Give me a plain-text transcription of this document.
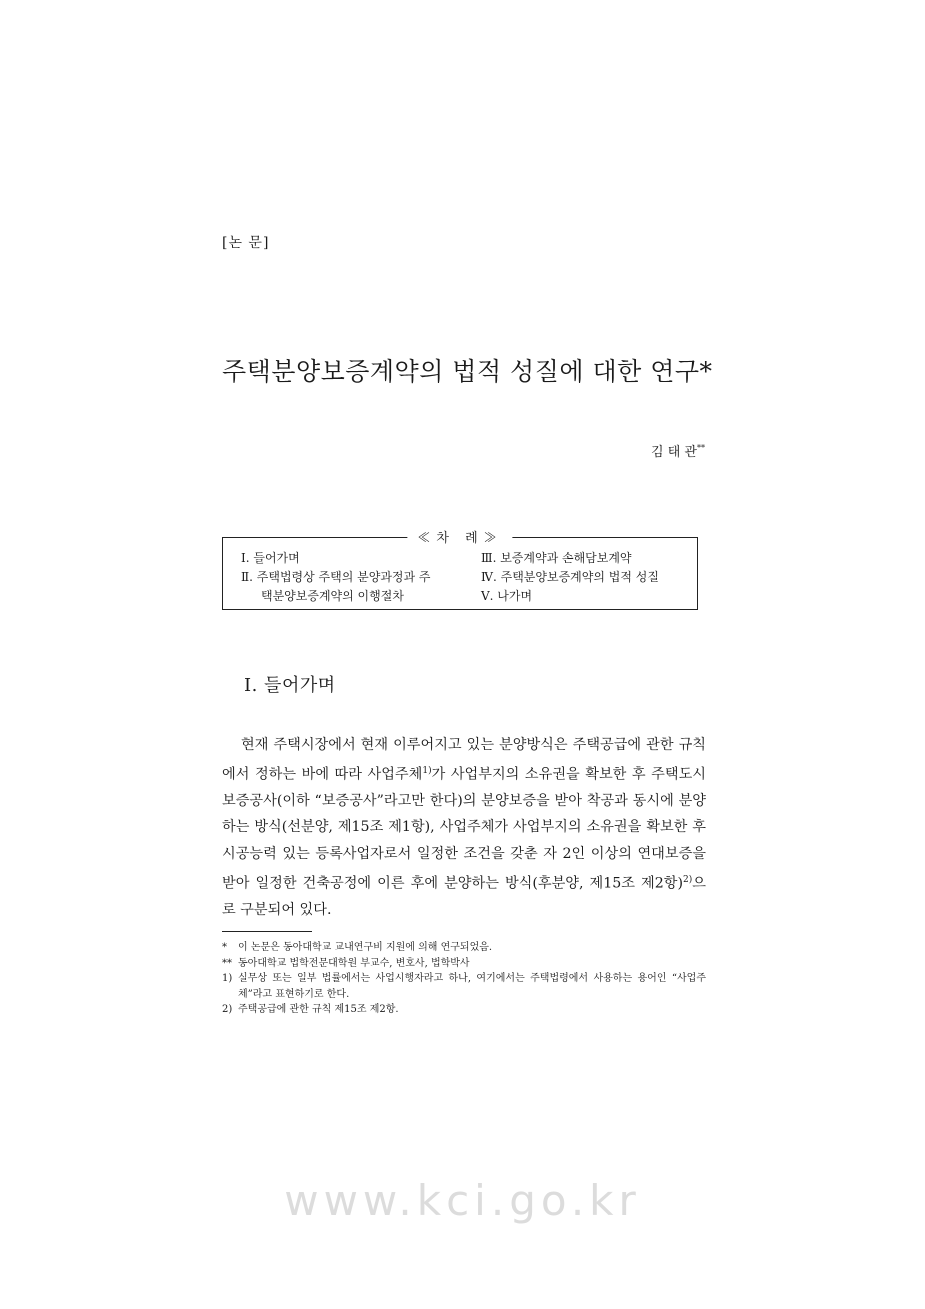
[논 문]
주택분양보증계약의 법적 성질에 대한 연구*
김 태 관**
≪차 례≫
Ⅰ. 들어가며
Ⅱ. 주택법령상 주택의 분양과정과 주
택분양보증계약의 이행절차
Ⅲ. 보증계약과 손해담보계약
Ⅳ. 주택분양보증계약의 법적 성질
Ⅴ. 나가며
Ⅰ. 들어가며
현재 주택시장에서 현재 이루어지고 있는 분양방식은 주택공급에 관한 규칙에서 정하는 바에 따라 사업주체$^{1)}$가 사업부지의 소유권을 확보한 후 주택도시보증공사(이하 “보증공사”라고만 한다)의 분양보증을 받아 착공과 동시에 분양하는 방식(선분양, 제15조 제1항), 사업주체가 사업부지의 소유권을 확보한 후 시공능력 있는 등록사업자로서 일정한 조건을 갖춘 자 2인 이상의 연대보증을 받아 일정한 건축공정에 이른 후에 분양하는 방식(후분양, 제15조 제2항)$^{2)}$으로 구분되어 있다.
*	이 논문은 동아대학교 교내연구비 지원에 의해 연구되었음.
** 동아대학교 법학전문대학원 부교수, 변호사, 법학박사
1) 실무상 또는 일부 법률에서는 사업시행자라고 하나, 여기에서는 주택법령에서 사용하는 용어인 “사업주체”라고 표현하기로 한다.
2) 주택공급에 관한 규칙 제15조 제2항.
www.kci.go.kr
